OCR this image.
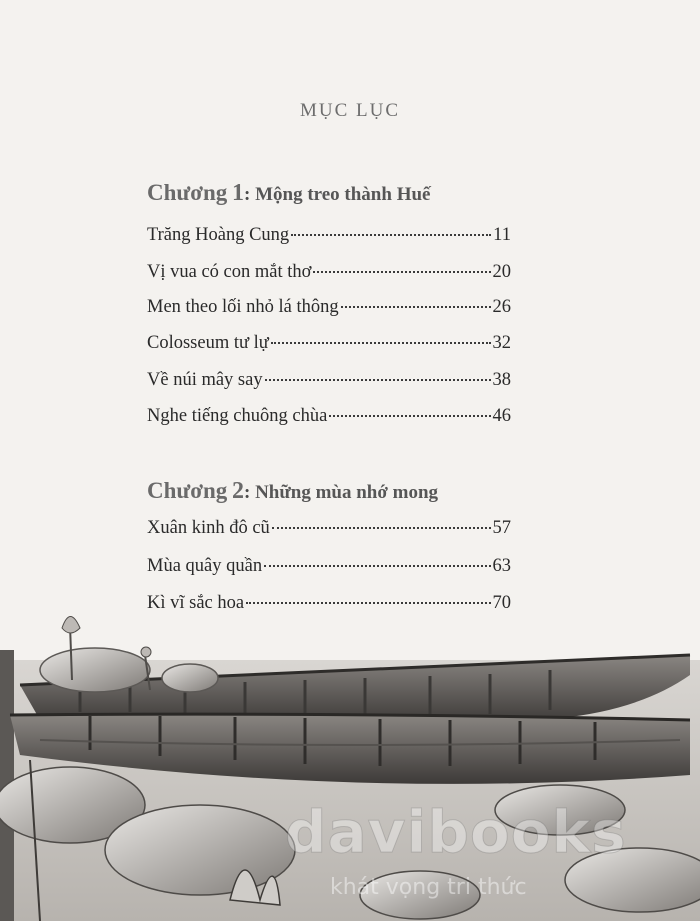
MỤC LỤC
Chương 1: Mộng treo thành Huế
Trăng Hoàng Cung	11
Vị vua có con mắt thơ	20
Men theo lối nhỏ lá thông	26
Colosseum tư lự	32
Về núi mây say	38
Nghe tiếng chuông chùa	46
Chương 2: Những mùa nhớ mong
Xuân kinh đô cũ	57
Mùa quây quần	63
Kì vĩ sắc hoa	70
davibooks
khát vọng tri thức
